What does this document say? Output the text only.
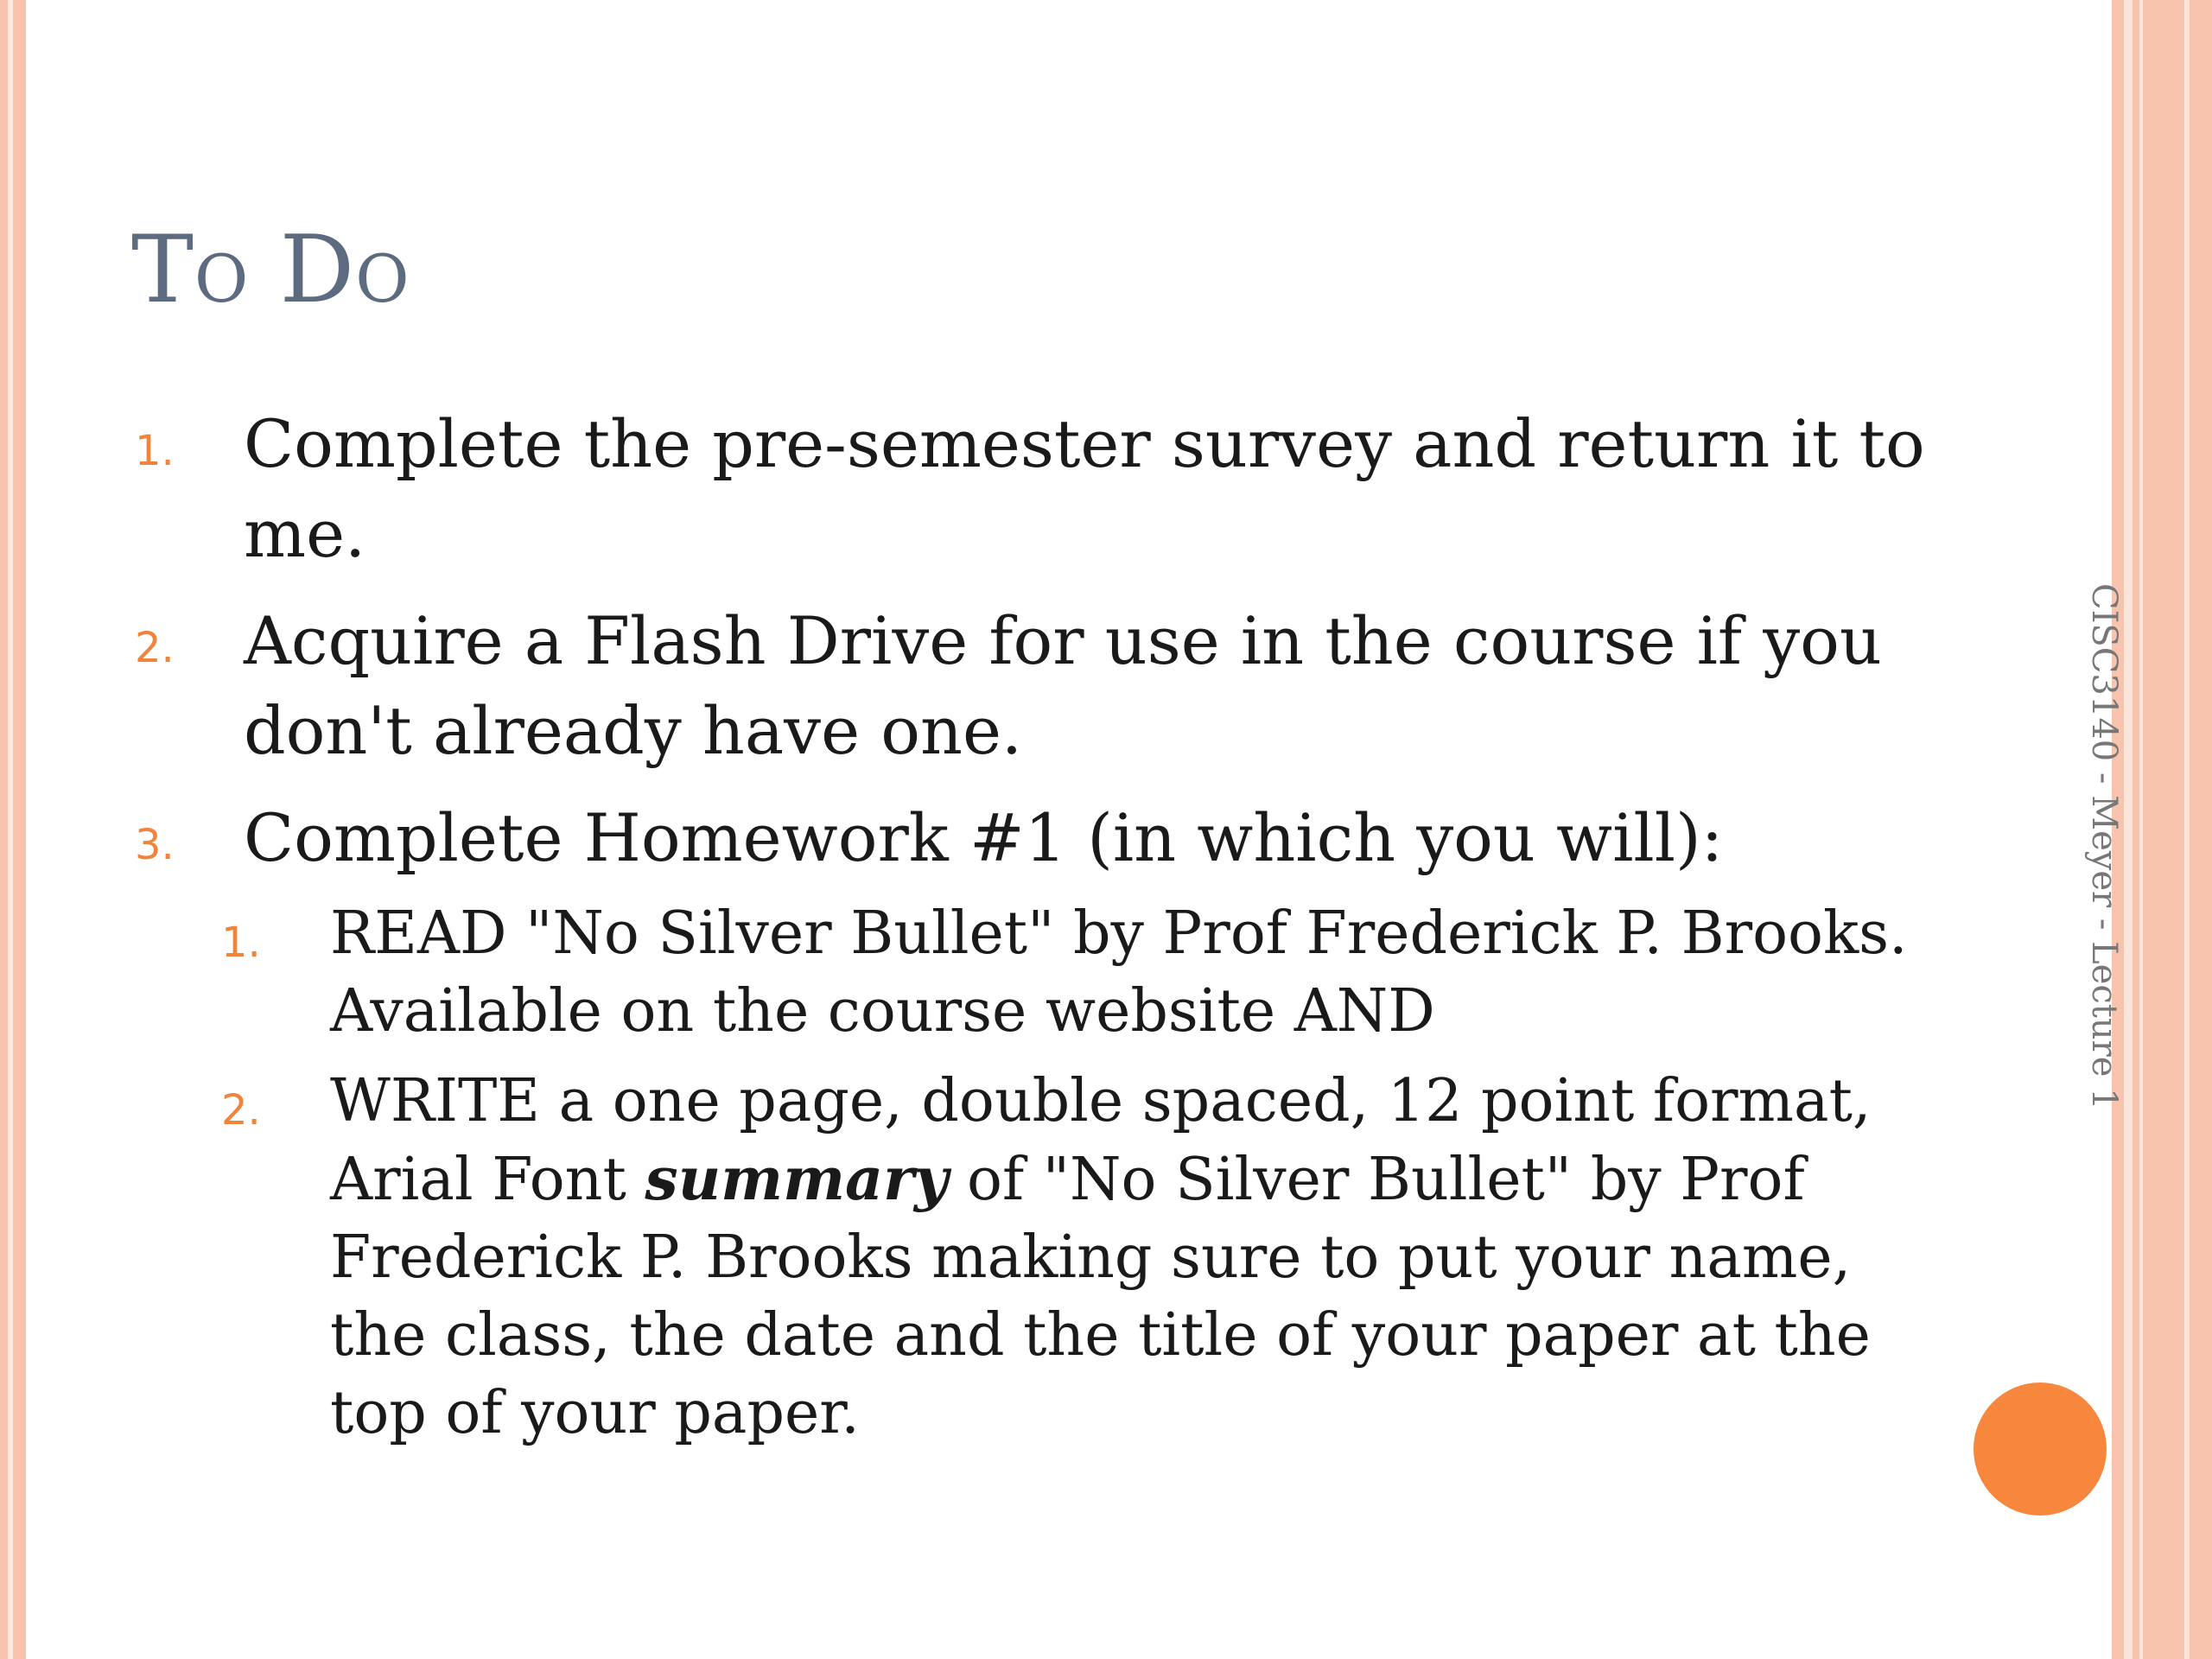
To Do
1. Complete the pre-semester survey and return it to me.
2. Acquire a Flash Drive for use in the course if you don't already have one.
3. Complete Homework #1 (in which you will):
1. READ "No Silver Bullet" by Prof Frederick P. Brooks. Available on the course website AND
2. WRITE a one page, double spaced, 12 point format, Arial Font summary of "No Silver Bullet" by Prof Frederick P. Brooks making sure to put your name, the class, the date and the title of your paper at the top of your paper.
CISC3140 - Meyer - Lecture 1
